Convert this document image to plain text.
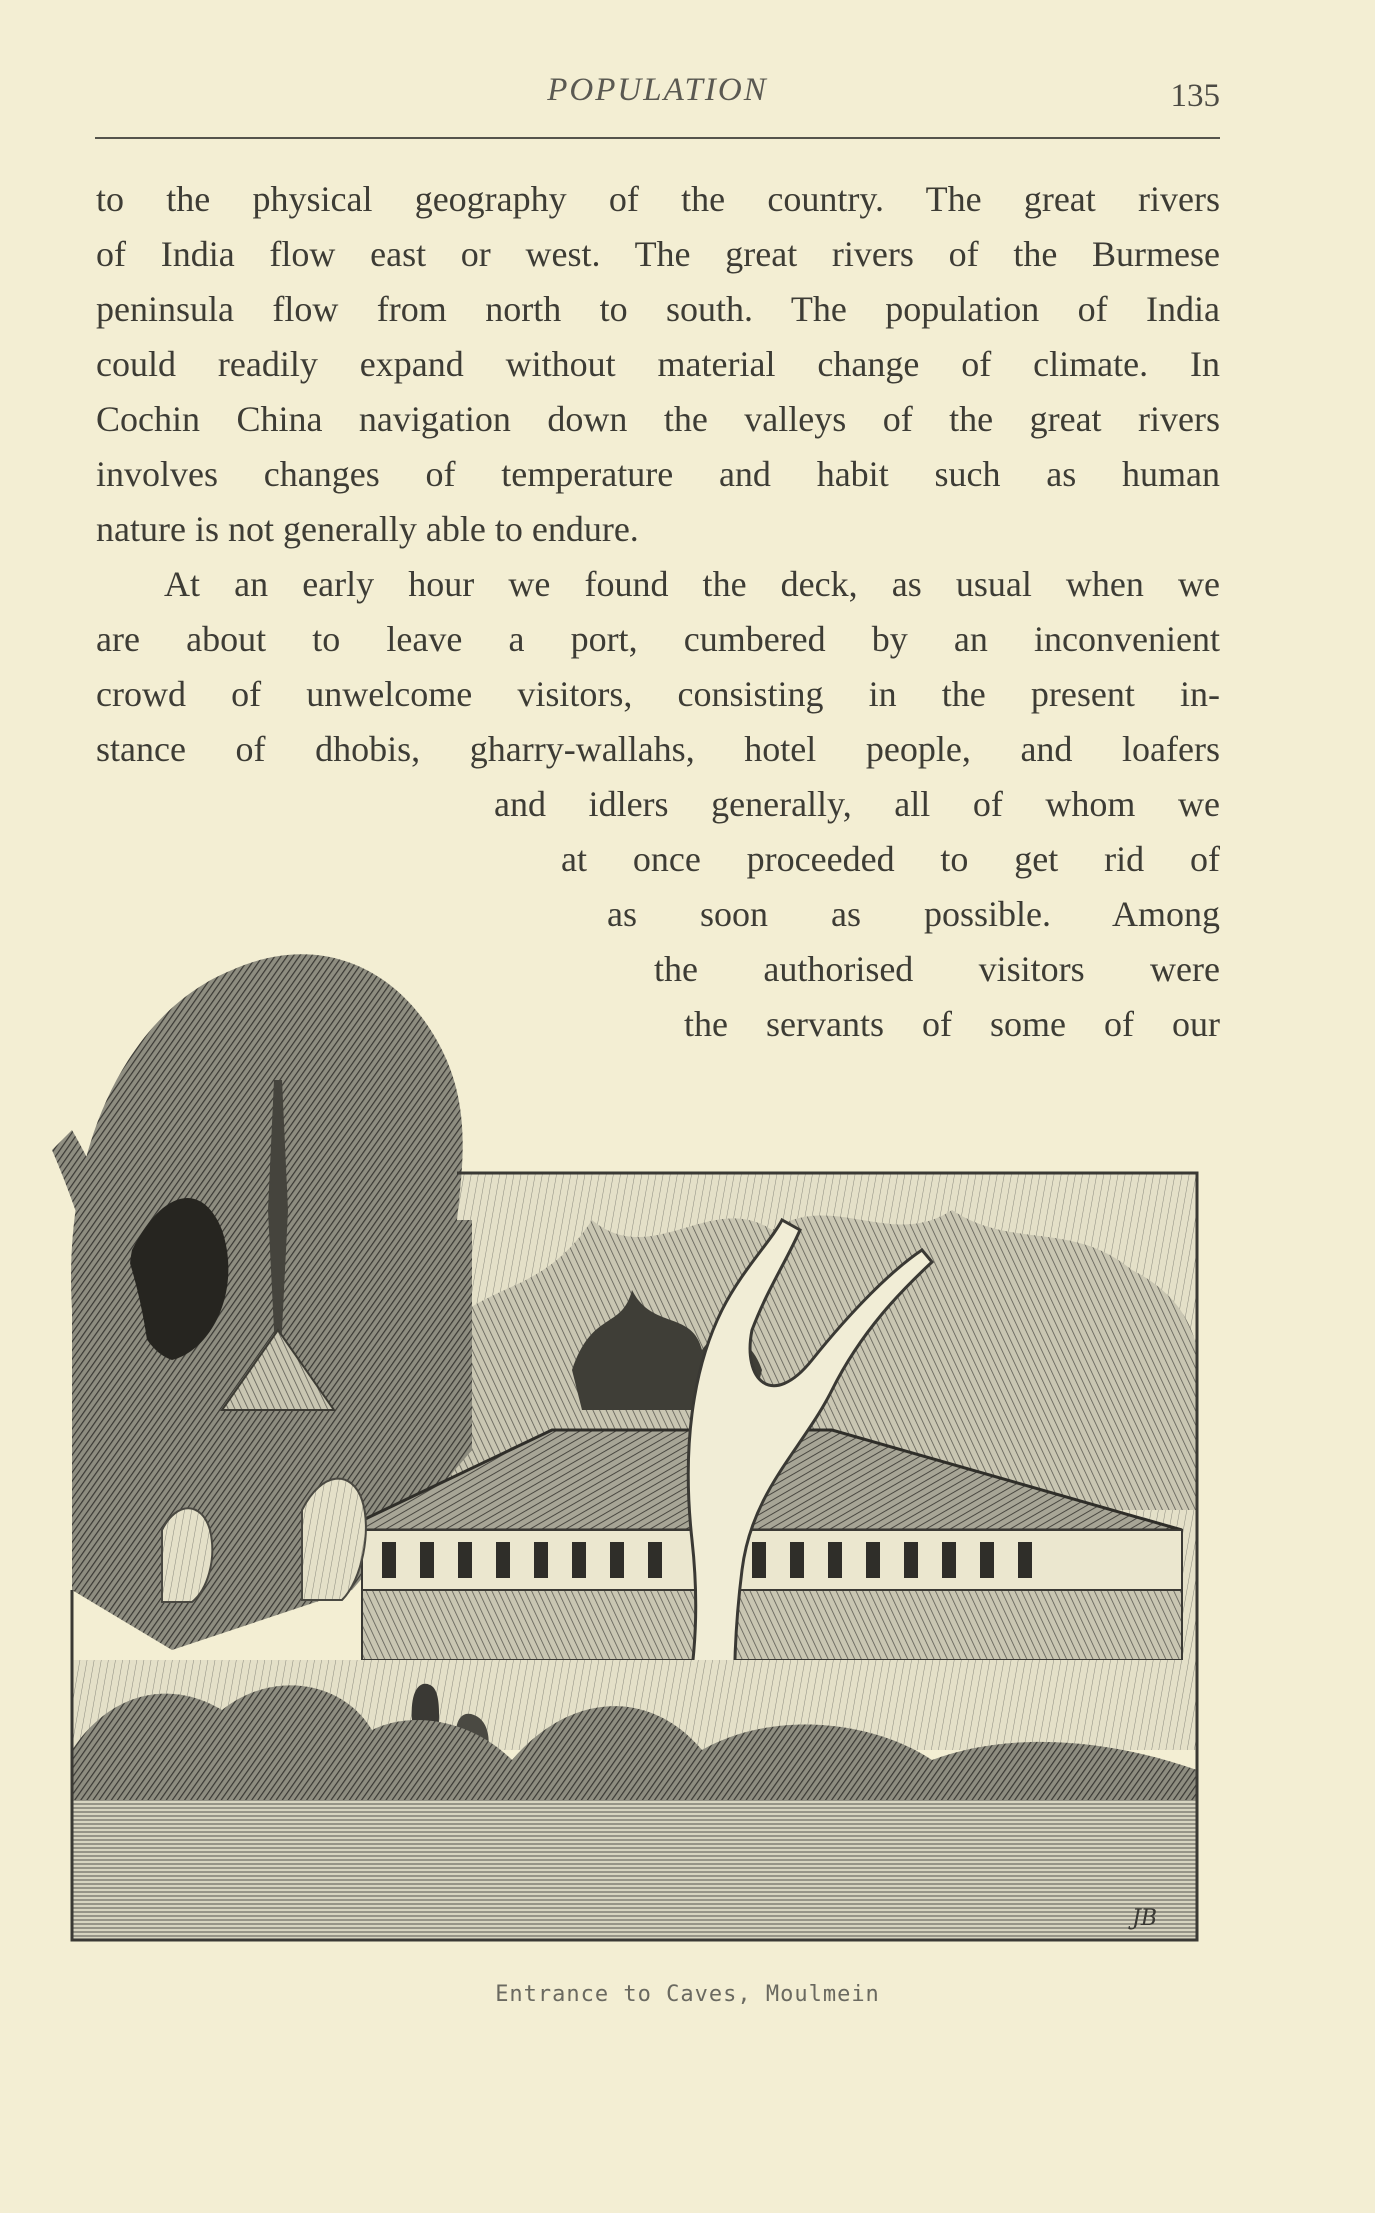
POPULATION	135
to the physical geography of the country. The great rivers
of India flow east or west. The great rivers of the Burmese
peninsula flow from north to south. The population of India
could readily expand without material change of climate. In
Cochin China navigation down the valleys of the great rivers
involves changes of temperature and habit such as human
nature is not generally able to endure.
At an early hour we found the deck, as usual when we
are about to leave a port, cumbered by an inconvenient
crowd of unwelcome visitors, consisting in the present in-
stance of dhobis, gharry-wallahs, hotel people, and loafers
and idlers generally, all of whom we
at once proceeded to get rid of
as soon as possible. Among
the authorised visitors were
the servants of some of our
JB
Entrance to Caves, Moulmein
